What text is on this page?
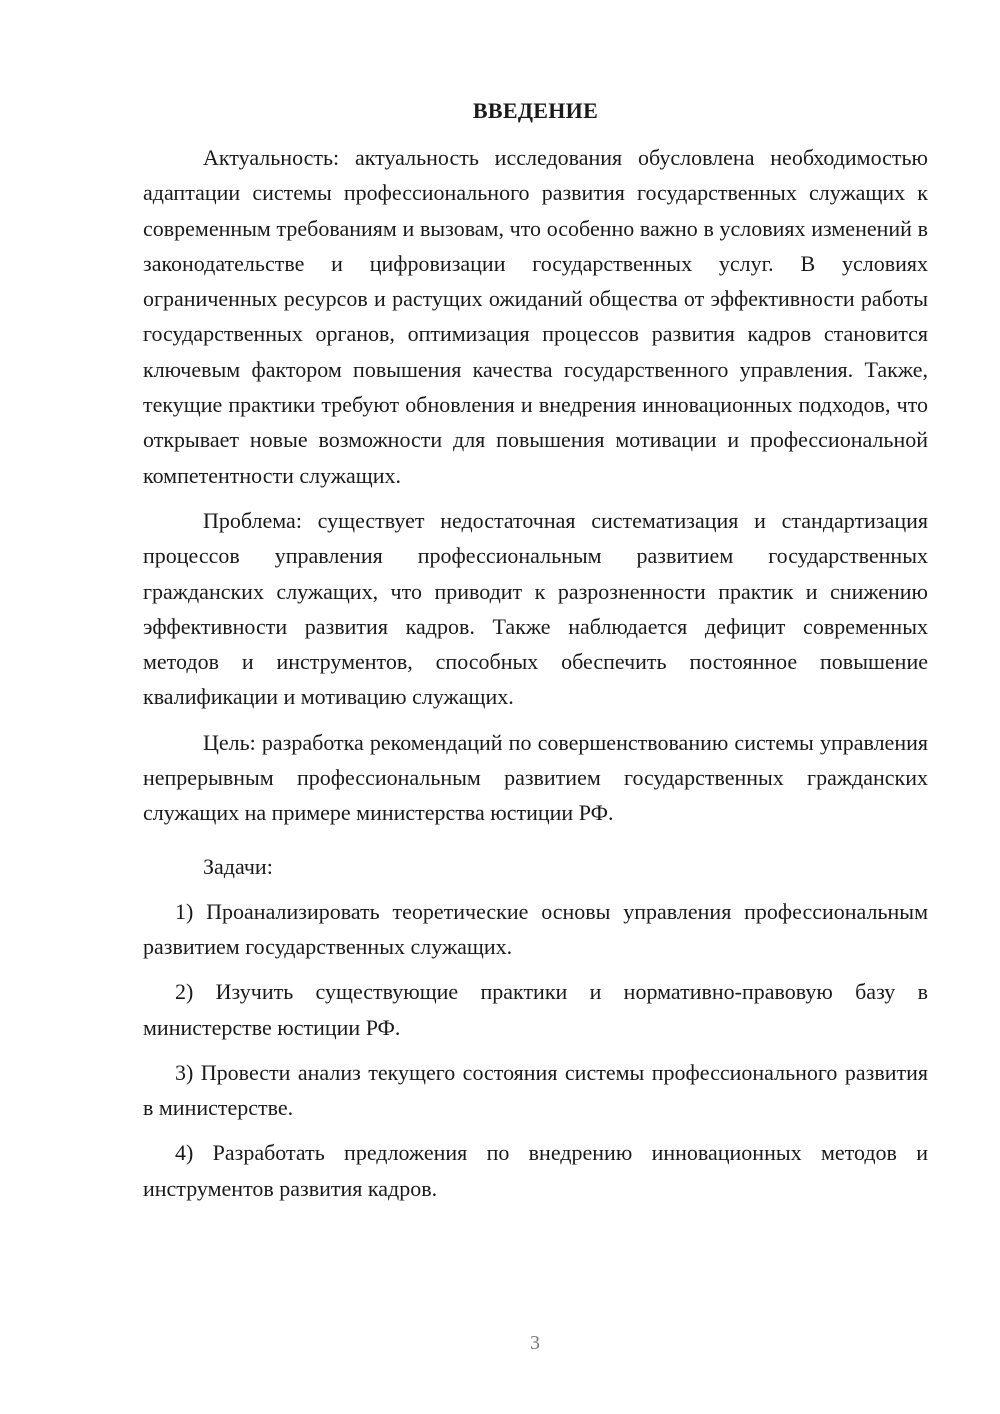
ВВЕДЕНИЕ

Актуальность: актуальность исследования обусловлена необходимостью адаптации системы профессионального развития государственных служащих к современным требованиям и вызовам, что особенно важно в условиях изменений в законодательстве и цифровизации государственных услуг. В условиях ограниченных ресурсов и растущих ожиданий общества от эффективности работы государственных органов, оптимизация процессов развития кадров становится ключевым фактором повышения качества государственного управления. Также, текущие практики требуют обновления и внедрения инновационных подходов, что открывает новые возможности для повышения мотивации и профессиональной компетентности служащих.

Проблема: существует недостаточная систематизация и стандартизация процессов управления профессиональным развитием государственных гражданских служащих, что приводит к разрозненности практик и снижению эффективности развития кадров. Также наблюдается дефицит современных методов и инструментов, способных обеспечить постоянное повышение квалификации и мотивацию служащих.

Цель: разработка рекомендаций по совершенствованию системы управления непрерывным профессиональным развитием государственных гражданских служащих на примере министерства юстиции РФ.

Задачи:

1) Проанализировать теоретические основы управления профессиональным развитием государственных служащих.

2) Изучить существующие практики и нормативно-правовую базу в министерстве юстиции РФ.

3) Провести анализ текущего состояния системы профессионального развития в министерстве.

4) Разработать предложения по внедрению инновационных методов и инструментов развития кадров.

3
